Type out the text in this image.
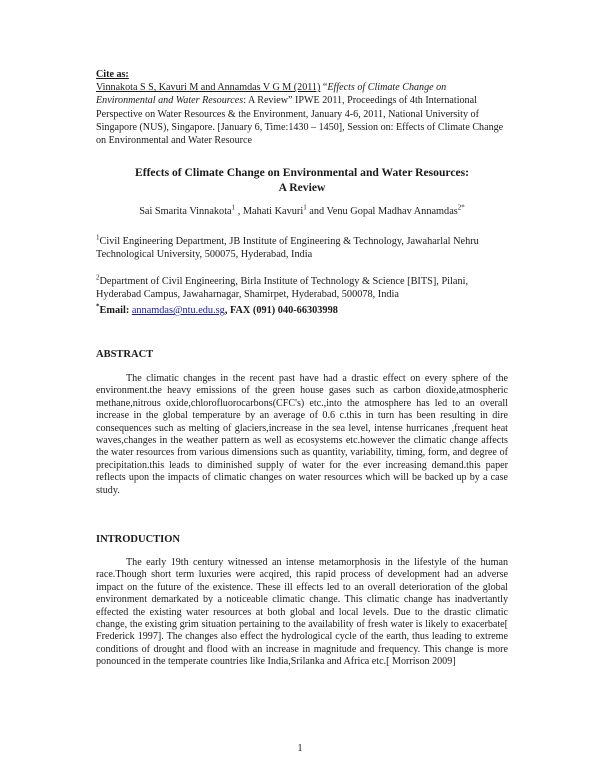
Cite as:
Vinnakota S S, Kavuri M and Annamdas V G M (2011) “Effects of Climate Change on Environmental and Water Resources: A Review” IPWE 2011, Proceedings of 4th International Perspective on Water Resources & the Environment, January 4-6, 2011, National University of Singapore (NUS), Singapore. [January 6, Time:1430 – 1450], Session on: Effects of Climate Change on Environmental and Water Resource
Effects of Climate Change on Environmental and Water Resources:
A Review
Sai Smarita Vinnakota$^1$ , Mahati Kavuri$^1$ and Venu Gopal Madhav Annamdas$^{2*}$
$^1$Civil Engineering Department, JB Institute of Engineering & Technology, Jawaharlal Nehru Technological University, 500075, Hyderabad, India
$^2$Department of Civil Engineering, Birla Institute of Technology & Science [BITS], Pilani, Hyderabad Campus, Jawaharnagar, Shamirpet, Hyderabad, 500078, India
*Email: annamdas@ntu.edu.sg, FAX (091) 040-66303998
ABSTRACT
The climatic changes in the recent past have had a drastic effect on every sphere of the environment.the heavy emissions of the green house gases such as carbon dioxide,atmospheric methane,nitrous oxide,chlorofluorocarbons(CFC's) etc.,into the atmosphere has led to an overall increase in the global temperature by an average of 0.6 c.this in turn has been resulting in dire consequences such as melting of glaciers,increase in the sea level, intense hurricanes ,frequent heat waves,changes in the weather pattern as well as ecosystems etc.however the climatic change affects the water resources from various dimensions such as quantity, variability, timing, form, and degree of precipitation.this leads to diminished supply of water for the ever increasing demand.this paper reflects upon the impacts of climatic changes on water resources which will be backed up by a case study.
INTRODUCTION
The early 19th century witnessed an intense metamorphosis in the lifestyle of the human race.Though short term luxuries were acqired, this rapid process of development had an adverse impact on the future of the existence. These ill effects led to an overall deterioration of the global environment demarkated by a noticeable climatic change. This climatic change has inadvertantly effected the existing water resources at both global and local levels. Due to the drastic climatic change, the existing grim situation pertaining to the availability of fresh water is likely to exacerbate[ Frederick 1997]. The changes also effect the hydrological cycle of the earth, thus leading to extreme conditions of drought and flood with an increase in magnitude and frequency. This change is more ponounced in the temperate countries like India,Srilanka and Africa etc.[ Morrison 2009]
1
